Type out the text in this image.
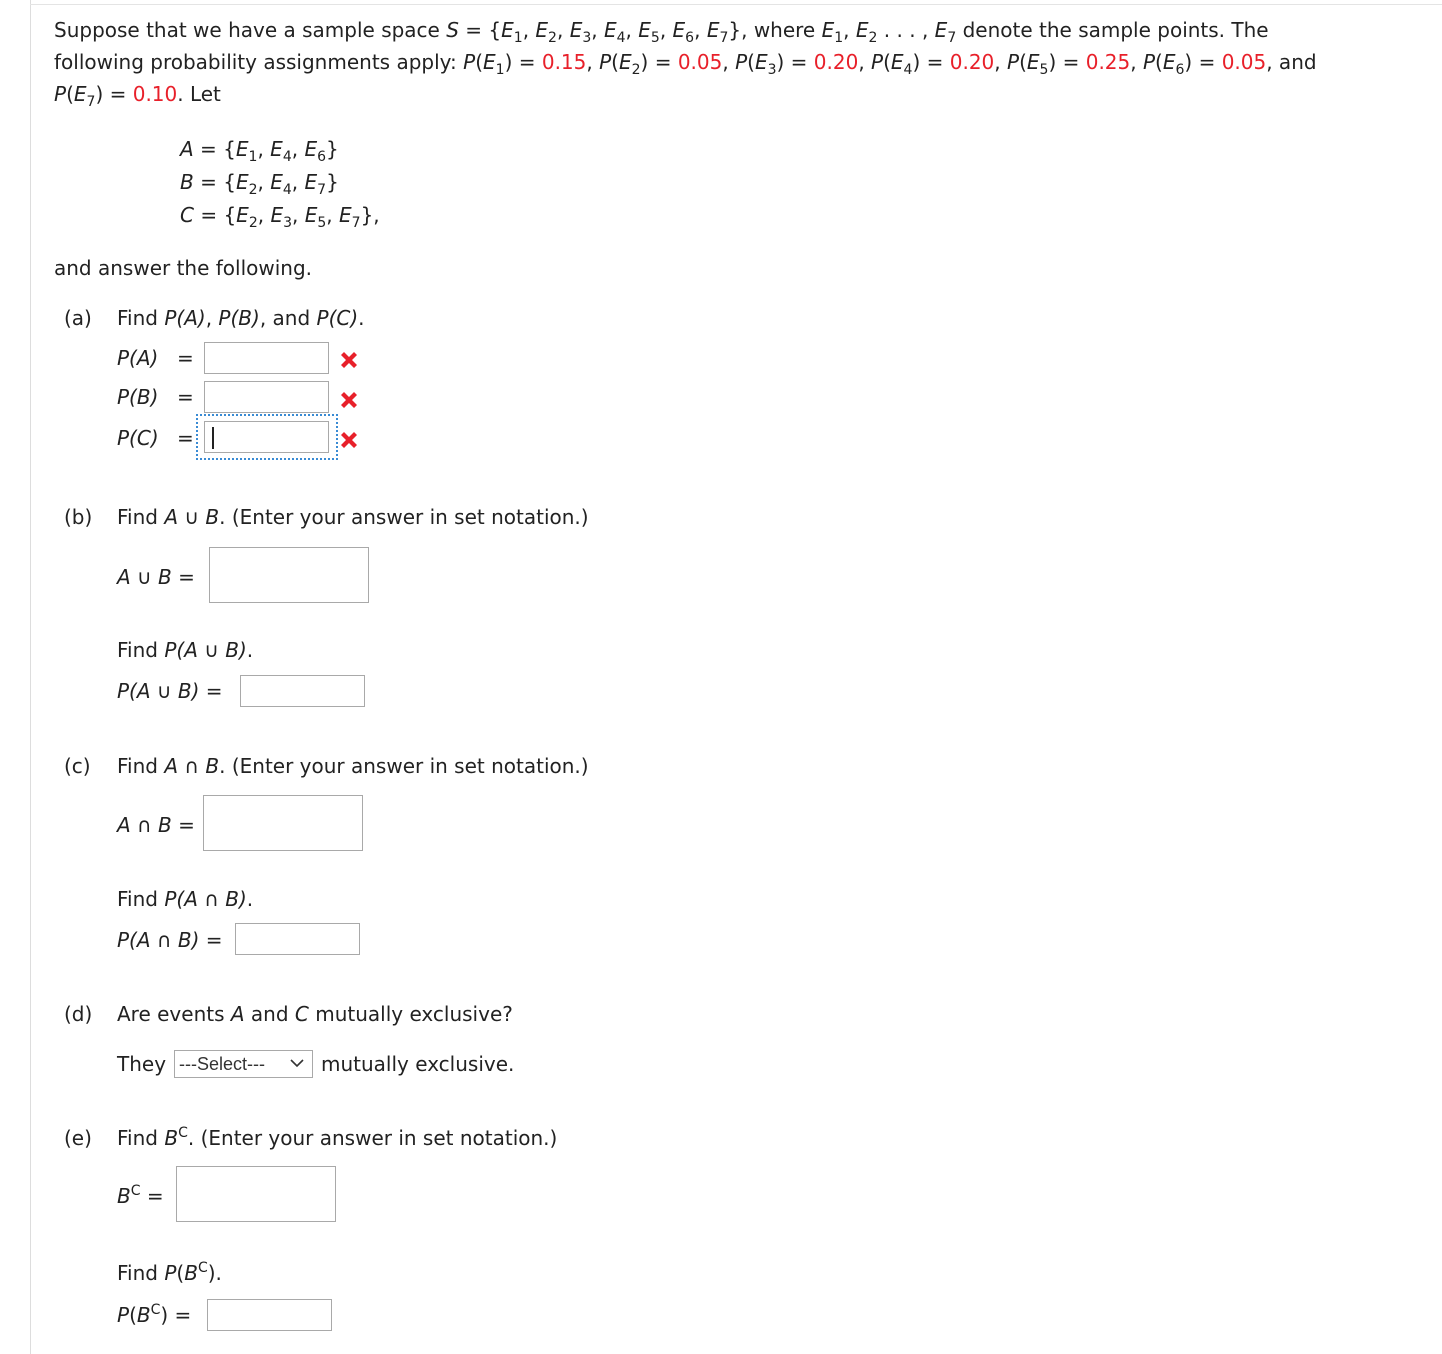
Suppose that we have a sample space $S = \{E_1$, $E_2$, $E_3$, $E_4$, $E_5$, $E_6$, $E_7$}, where $E_1$, $E_2$ . . . , $E_7$ denote the sample points. The
following probability assignments apply: $P(E_1) = 0.15$, $P(E_2) = 0.05$, $P(E_3) = 0.20$, $P(E_4) = 0.20$, $P(E_5) = 0.25$, $P(E_6) = 0.05$, and
$P(E_7) = 0.10$. Let
$A = \{E_1$, $E_4$, $E_6$}
$B = \{E_2$, $E_4$, $E_7$}
$C = \{E_2$, $E_3$, $E_5$, $E_7$},
and answer the following.
(a) Find P(A), P(B), and P(C).
P(A) =
P(B) =
P(C) =
(b) Find A ∪ B. (Enter your answer in set notation.)
A ∪ B =
Find P(A ∪ B).
P(A ∪ B) =
(c) Find A ∩ B. (Enter your answer in set notation.)
A ∩ B =
Find P(A ∩ B).
P(A ∩ B) =
(d) Are events A and C mutually exclusive?
They
---Select---	mutually exclusive.
(e) Find $B^C$. (Enter your answer in set notation.)
$B^C$ =
Find $P(B^C)$.
$P(B^C)$ =
